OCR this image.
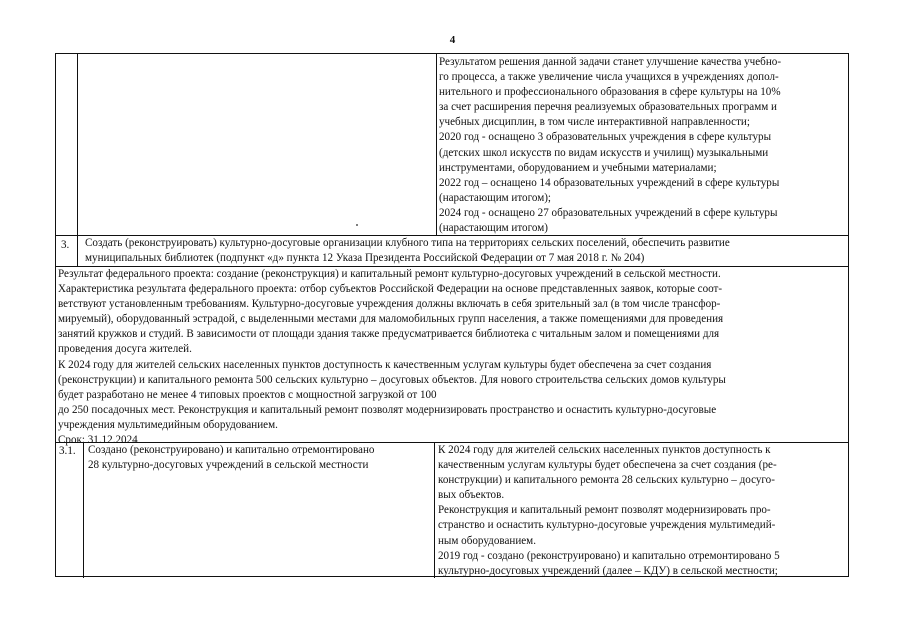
4

Результатом решения данной задачи станет улучшение качества учебно-

го процесса, а также увеличение числа учащихся в учреждениях допол-

нительного и профессионального образования в сфере культуры на 10%

за счет расширения перечня реализуемых образовательных программ и

учебных дисциплин, в том числе интерактивной направленности;

2020 год - оснащено 3 образовательных учреждения в сфере культуры

(детских школ искусств по видам искусств и училищ) музыкальными

инструментами, оборудованием и учебными материалами;

2022 год – оснащено 14 образовательных учреждений в сфере культуры

(нарастающим итогом);

2024 год - оснащено 27 образовательных учреждений в сфере культуры

(нарастающим итогом)

3. Создать (реконструировать) культурно-досуговые организации клубного типа на территориях сельских поселений, обеспечить развитие

муниципальных библиотек (подпункт «д» пункта 12 Указа Президента Российской Федерации от 7 мая 2018 г. № 204)

Результат федерального проекта: создание (реконструкция) и капитальный ремонт культурно-досуговых учреждений в сельской местности.

Характеристика результата федерального проекта: отбор субъектов Российской Федерации на основе представленных заявок, которые соот-

ветствуют установленным требованиям. Культурно-досуговые учреждения должны включать в себя зрительный зал (в том числе трансфор-

мируемый), оборудованный эстрадой, с выделенными местами для маломобильных групп населения, а также помещениями для проведения

занятий кружков и студий. В зависимости от площади здания также предусматривается библиотека с читальным залом и помещениями для

проведения досуга жителей.

К 2024 году для жителей сельских населенных пунктов доступность к качественным услугам культуры будет обеспечена за счет создания

(реконструкции) и капитального ремонта 500 сельских культурно – досуговых объектов. Для нового строительства сельских домов культуры

будет разработано не менее 4 типовых проектов с мощностной загрузкой от 100

до 250 посадочных мест. Реконструкция и капитальный ремонт позволят модернизировать пространство и оснастить культурно-досуговые

учреждения мультимедийным оборудованием.

Срок: 31.12.2024

3.1. Создано (реконструировано) и капитально отремонтировано

28 культурно-досуговых учреждений в сельской местности

К 2024 году для жителей сельских населенных пунктов доступность к

качественным услугам культуры будет обеспечена за счет создания (ре-

конструкции) и капитального ремонта 28 сельских культурно – досуго-

вых объектов.

Реконструкция и капитальный ремонт позволят модернизировать про-

странство и оснастить культурно-досуговые учреждения мультимедий-

ным оборудованием.

2019 год - создано (реконструировано) и капитально отремонтировано 5

культурно-досуговых учреждений (далее – КДУ) в сельской местности;
